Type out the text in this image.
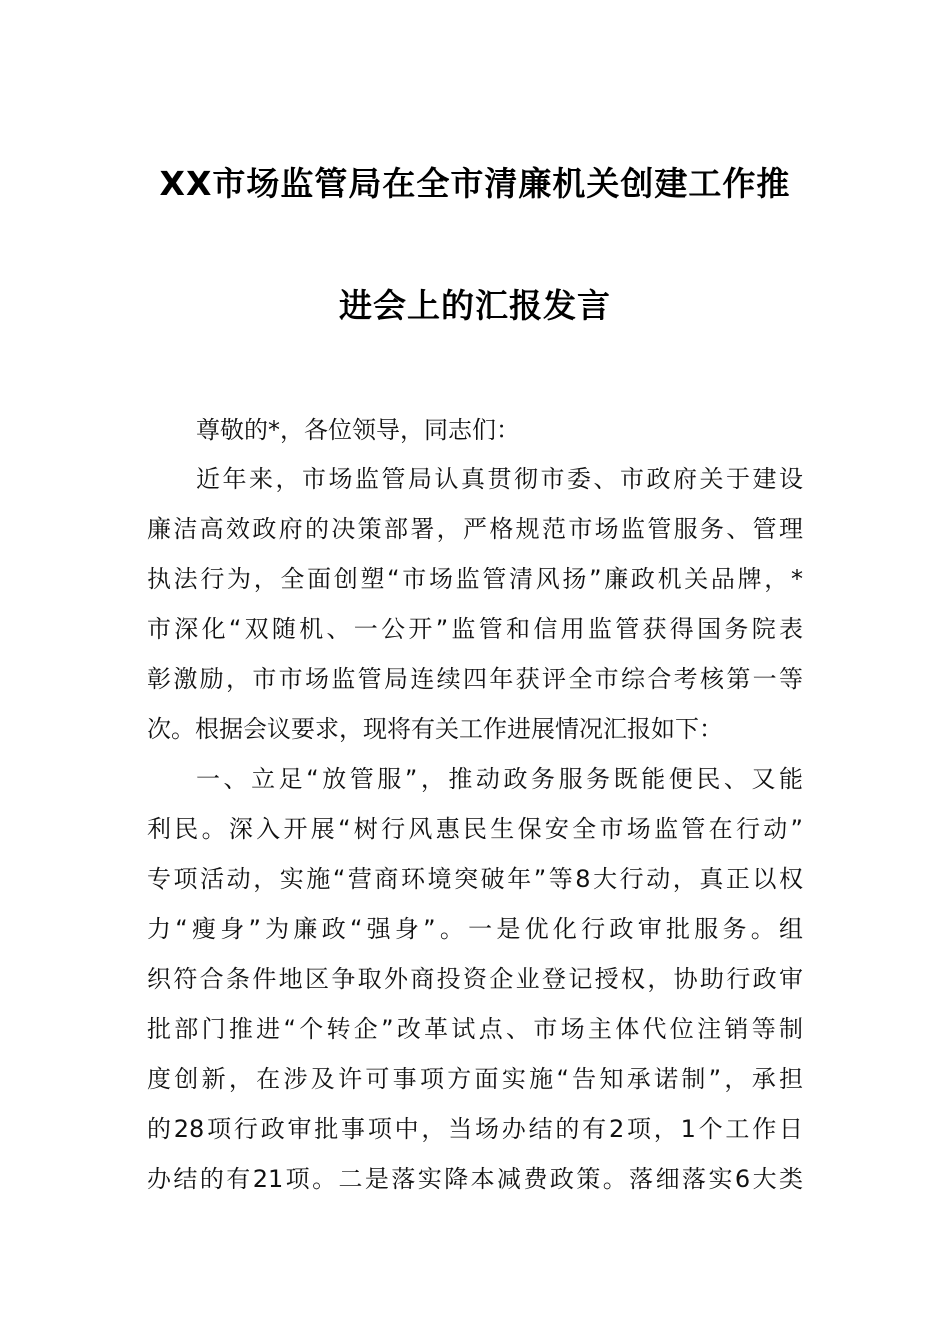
XX市场监管局在全市清廉机关创建工作推
进会上的汇报发言
尊敬的*，各位领导，同志们：
近年来，市场监管局认真贯彻市委、市政府关于建设
廉洁高效政府的决策部署，严格规范市场监管服务、管理
执法行为，全面创塑“市场监管清风扬”廉政机关品牌，*
市深化“双随机、一公开”监管和信用监管获得国务院表
彰激励，市市场监管局连续四年获评全市综合考核第一等
次。根据会议要求，现将有关工作进展情况汇报如下：
一、立足“放管服”，推动政务服务既能便民、又能
利民。深入开展“树行风惠民生保安全市场监管在行动”
专项活动，实施“营商环境突破年”等8大行动，真正以权
力“瘦身”为廉政“强身”。一是优化行政审批服务。组
织符合条件地区争取外商投资企业登记授权，协助行政审
批部门推进“个转企”改革试点、市场主体代位注销等制
度创新，在涉及许可事项方面实施“告知承诺制”，承担
的28项行政审批事项中，当场办结的有2项，1个工作日
办结的有21项。二是落实降本减费政策。落细落实6大类
